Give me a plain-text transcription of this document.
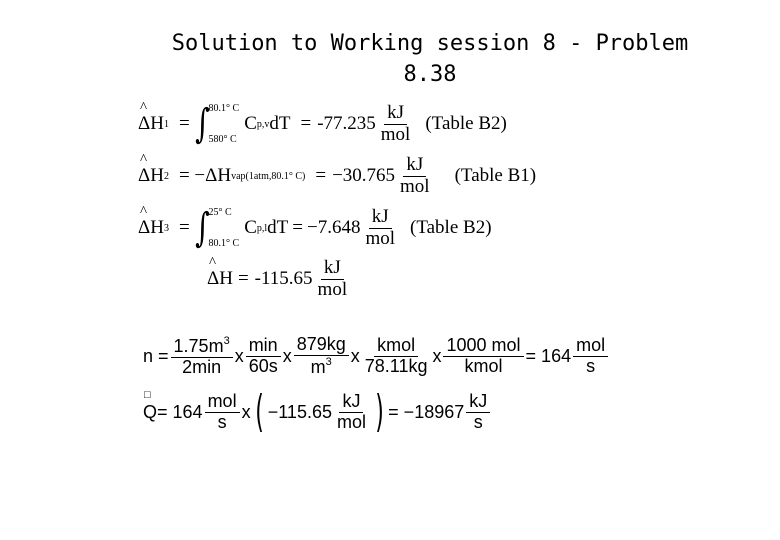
Solution to Working session 8 - Problem
8.38
^ ΔH 1 = ∫ 80.1° C
580° C
C p,v dT = $-77.235 \frac{kJ}{\text{mol}}$ (Table B2)
^ ΔH 2 = −ΔH vap(1atm,80.1° $C) = -30.765 \frac{kJ}{\text{mol}}$ (Table B1)
^ ΔH 3 = ∫ 25° C
80.1° C
C p,l dT = $-7.648 \frac{kJ}{\text{mol}}$ (Table B2)
^ $\Delta H = -115.65 \frac{kJ}{\text{mol}}$
$n = \frac{1.75m^3}{2\min}$ x $\frac{\min}{60s}$ x $\frac{879kg}{m^3}$ x $\frac{\text{kmol}}{78.11kg}$ x $\frac{\text{1000 mol}}{\text{kmol}} = 164 \frac{\text{mol}}{s}$
□ $Q = 164 \frac{\text{mol}}{s}$ x ( $-115.65 \frac{kJ}{\text{mol}}$ ) = $-18967 \frac{kJ}{s}$
